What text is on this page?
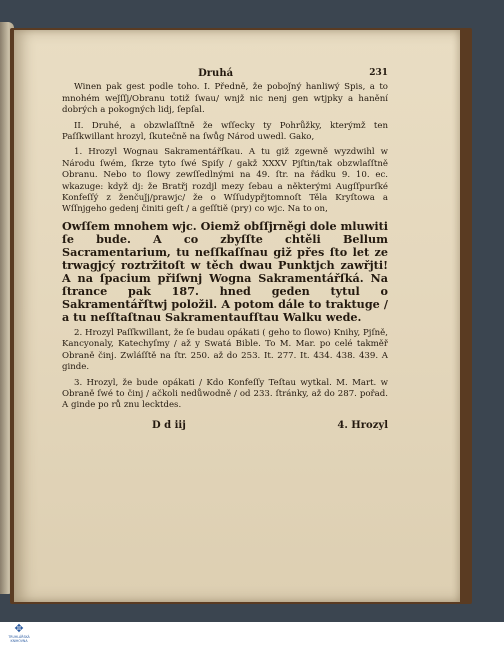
Druhá	231

Winen pak gest podle toho. I. Předně, že poboǰný hanliwý Spis, a to mnohém weǰſſj/Obranu totiž ſwau/ wnjž nic nenj gen wtjpky a hanění dobrých a pokogných lidj, ſepſal.

II. Druhé, a obzwlaſſtně že wſſecky ty Pohrůžky, kterýmž ten Paſſkwillant hrozyl, ſkutečně na ſwůg Národ uwedl. Gako,

1. Hrozyl Wognau Sakramentářſkau. A tu giž zgewně wyzdwihl w Národu ſwém, ſkrze tyto ſwé Spiſy / gakž XXXV Pjſtin/tak obzwlaſſtně Obranu. Nebo to ſlowy zewſſedlnými na 49. ſtr. na řádku 9. 10. ec. wkazuge: když dj: že Bratřj rozdjl mezy ſebau a některými Augſſpurſké Konfeſſý z ženčuǰj/prawjc/ že o Wſſudypřjtomnoſt Těla Kryſtowa a Wſſnjgeho gedenj činiti geſt / a geſſtiě (pry) co wjc. Na to on,

Owſſem mnohem wjc. Oiemž obſſjrněgi dole mluwiti ſe bude. A co zbyſſte chtěli Bellum Sacramentarium, tu neſſkaſſnau giž přes ſto let ze trwagjcý roztržitoſt w těch dwau Punktjch zawřjti! A na ſpacium přiſwnj Wogna Sakramentářſká. Na ſtrance pak 187. hned geden tytul o Sakramentářſtwj položil. A potom dále to traktuge / a tu neſſtaſtnau Sakramentaufſtau Walku wede.

2. Hrozyl Paſſkwillant, že ſe budau opákati ( geho to ſlowo) Knihy, Pjſně, Kancyonaly, Katechyſmy / až y Swatá Bible. To M. Mar. po celé takměř Obraně činj. Zwláſſtě na ſtr. 250. až do 253. It. 277. It. 434. 438. 439. A ginde.

3. Hrozyl, že bude opákati / Kdo Konfeſſy Teſtau wytkal. M. Mart. w Obraně ſwé to činj / ačkoli nedůwodně / od 233. ſtránky, až do 287. pořad. A ginde po rů znu lecktdes.

D d iij	4. Hrozyl
✥
TRUHLÁŘSKÁ
KNIHOVNA
